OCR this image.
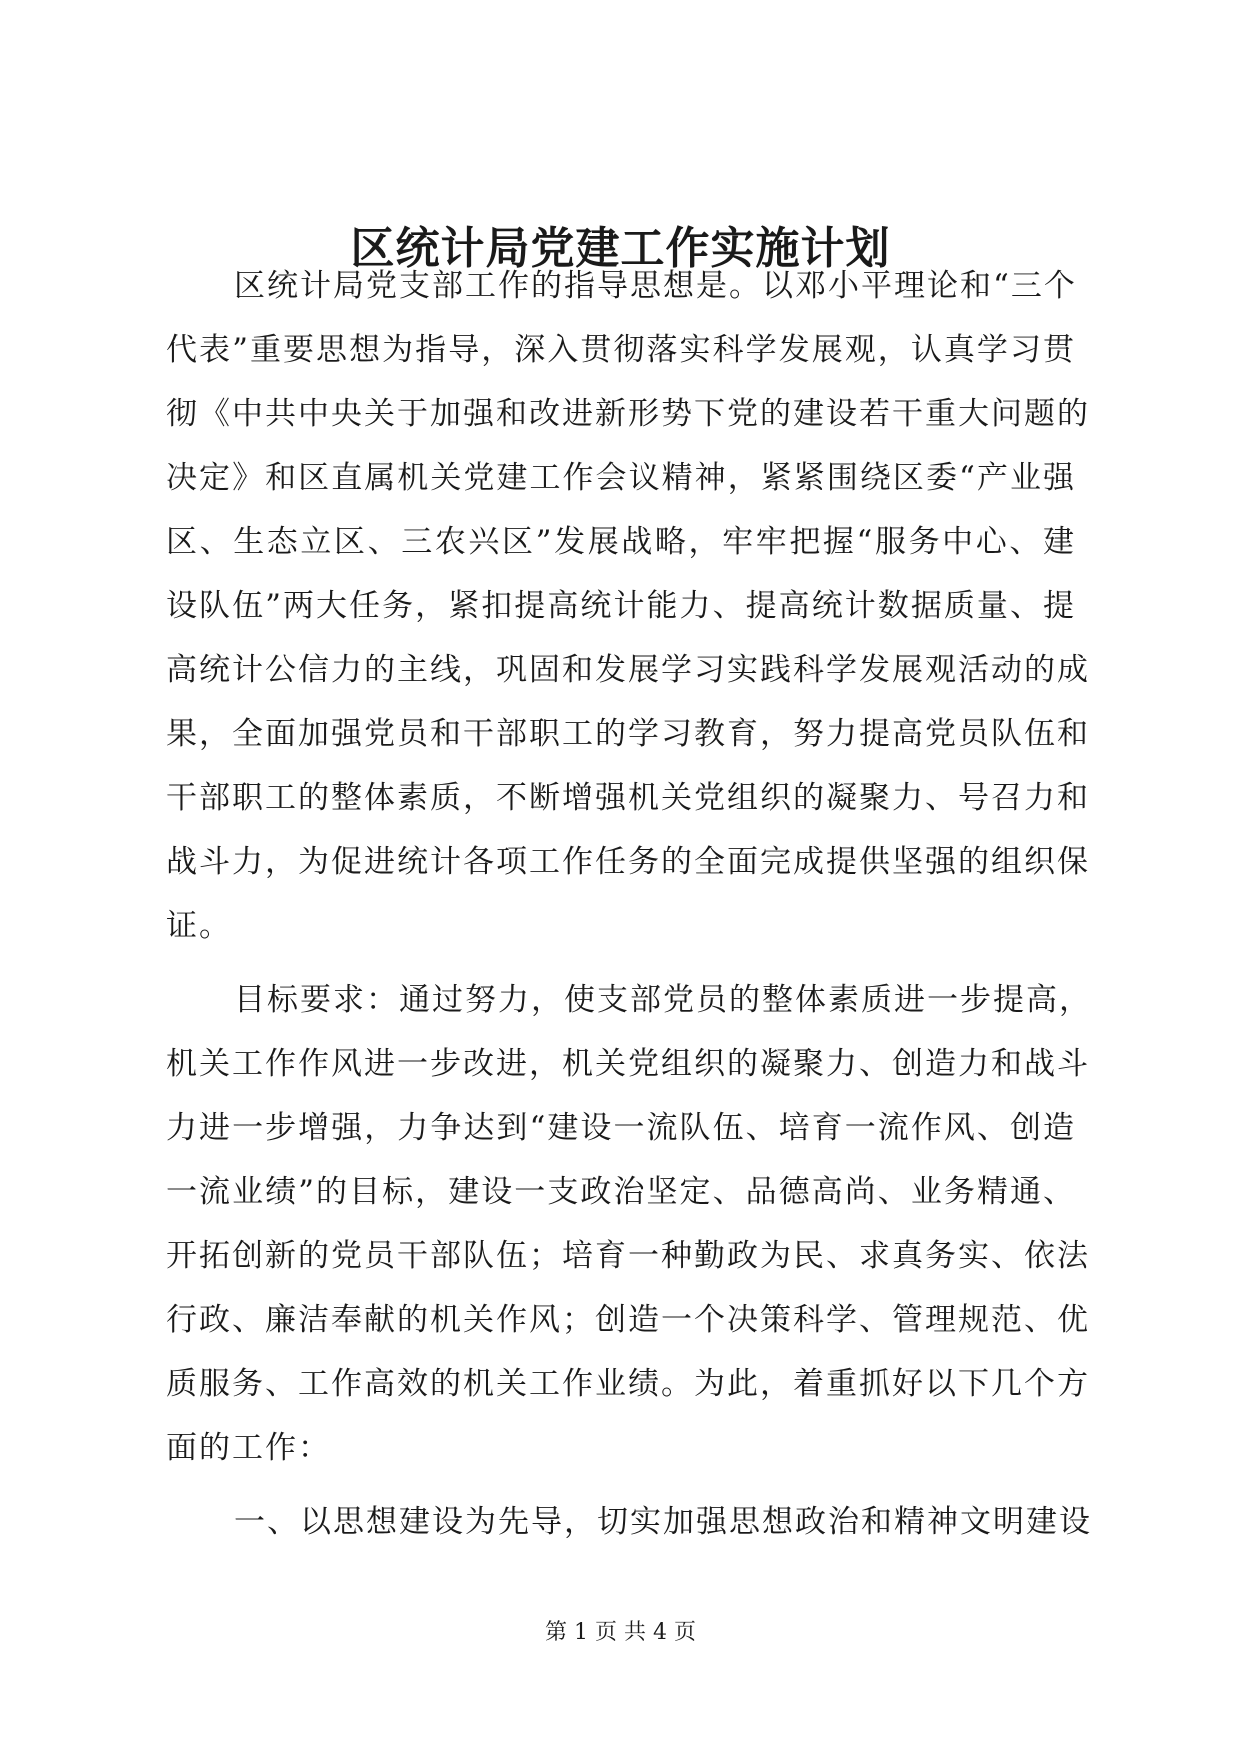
区统计局党建工作实施计划
区统计局党支部工作的指导思想是。以邓小平理论和“三个
代表”重要思想为指导，深入贯彻落实科学发展观，认真学习贯
彻《中共中央关于加强和改进新形势下党的建设若干重大问题的
决定》和区直属机关党建工作会议精神，紧紧围绕区委“产业强
区、生态立区、三农兴区”发展战略，牢牢把握“服务中心、建
设队伍”两大任务，紧扣提高统计能力、提高统计数据质量、提
高统计公信力的主线，巩固和发展学习实践科学发展观活动的成
果，全面加强党员和干部职工的学习教育，努力提高党员队伍和
干部职工的整体素质，不断增强机关党组织的凝聚力、号召力和
战斗力，为促进统计各项工作任务的全面完成提供坚强的组织保
证。
目标要求：通过努力，使支部党员的整体素质进一步提高，
机关工作作风进一步改进，机关党组织的凝聚力、创造力和战斗
力进一步增强，力争达到“建设一流队伍、培育一流作风、创造
一流业绩”的目标，建设一支政治坚定、品德高尚、业务精通、
开拓创新的党员干部队伍；培育一种勤政为民、求真务实、依法
行政、廉洁奉献的机关作风；创造一个决策科学、管理规范、优
质服务、工作高效的机关工作业绩。为此，着重抓好以下几个方
面的工作：
一、以思想建设为先导，切实加强思想政治和精神文明建设
第 1 页 共 4 页
